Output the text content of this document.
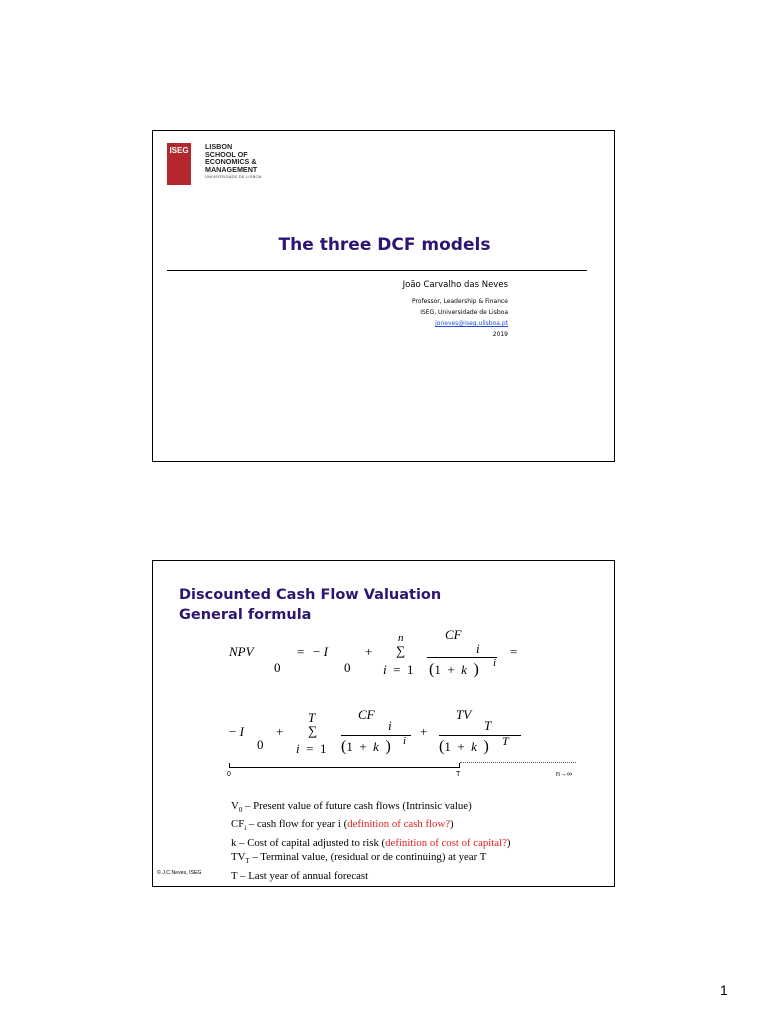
ISEG	LISBON
SCHOOL OF
ECONOMICS &
MANAGEMENT
UNIVERSIDADE DE LISBOA
The three DCF models
João Carvalho das Neves
Professor, Leadership & Finance
ISEG, Universidade de Lisboa
joneves@iseg.ulisboa.pt
2019
Discounted Cash Flow Valuation
General formula
NPV
0
= − I
0
+
n
∑
i  =  1
CF
i
(1  +  k ) i
=
− I
0
+
T
∑
i  =  1
CF
i
(1  +  k ) i
+
TV
T
(1  +  k ) T
0	T	n→∞
$V_0$ – Present value of future cash flows (Intrinsic value)
$CF_i$ – cash flow for year i (definition of cash flow?)
k – Cost of capital adjusted to risk (definition of cost of capital?)
$TV_T$ – Terminal value, (residual or de continuing) at year T
T – Last year of annual forecast
© J.C.Neves, ISEG
1
